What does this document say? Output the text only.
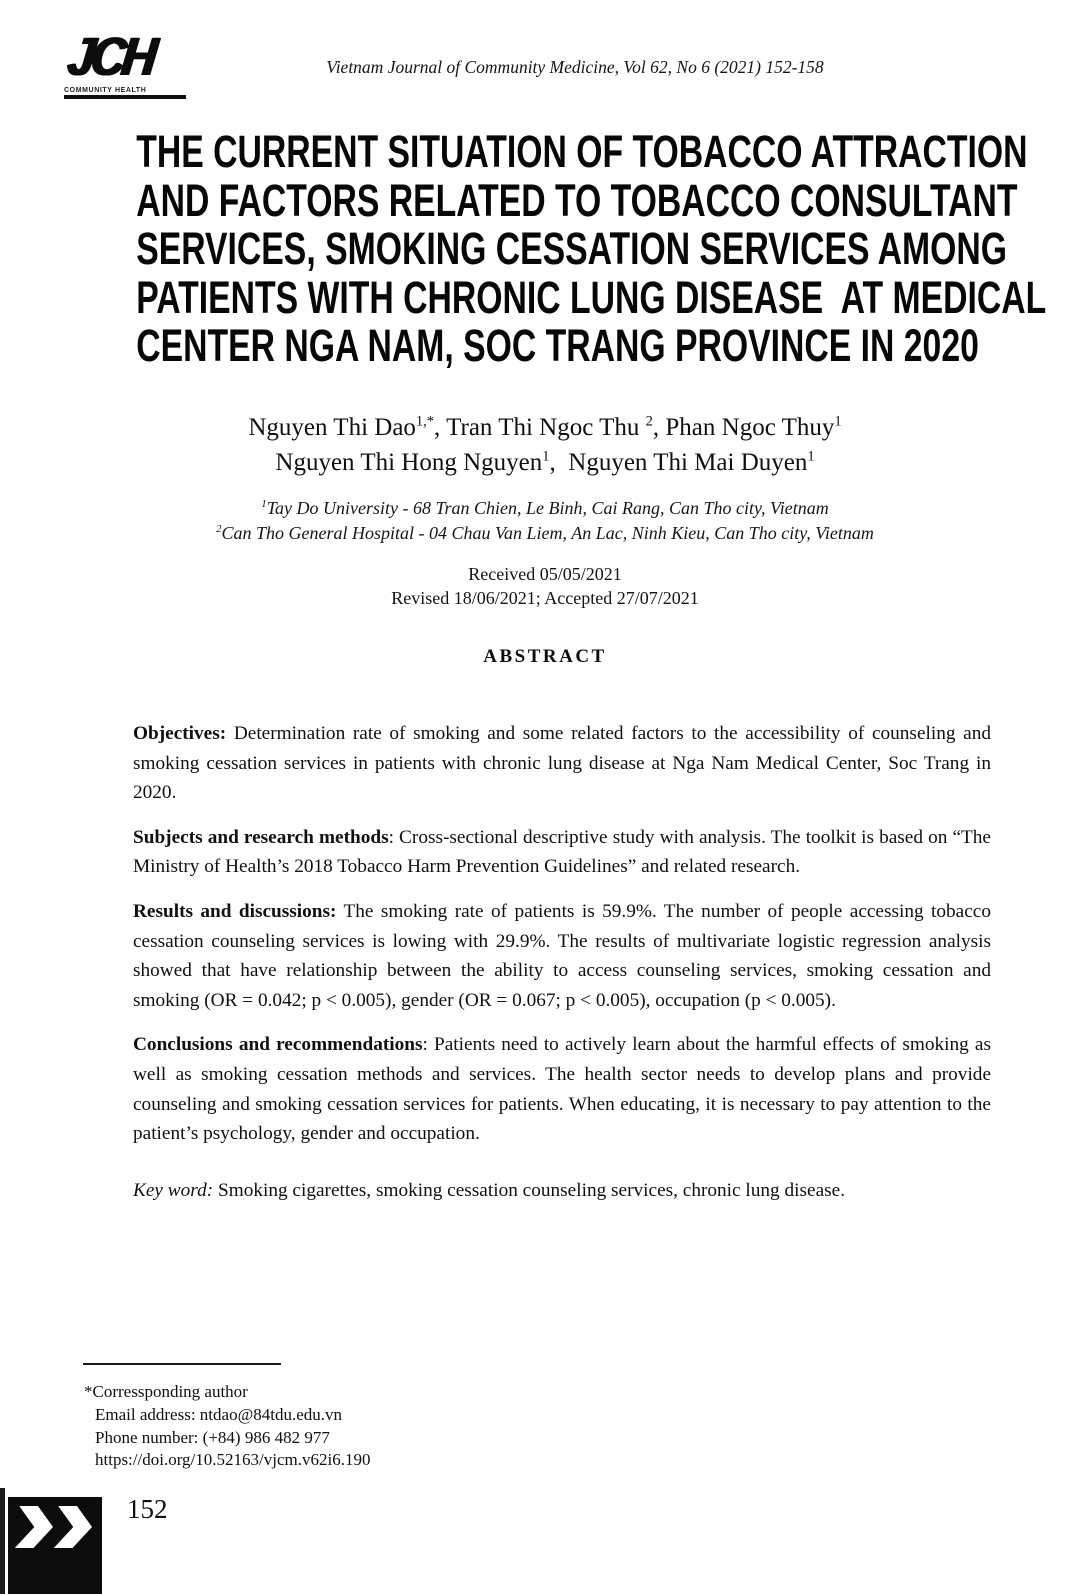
JCH
COMMUNITY HEALTH
Vietnam Journal of Community Medicine, Vol 62, No 6 (2021) 152-158
THE CURRENT SITUATION OF TOBACCO ATTRACTION
AND FACTORS RELATED TO TOBACCO CONSULTANT
SERVICES, SMOKING CESSATION SERVICES AMONG
PATIENTS WITH CHRONIC LUNG DISEASE  AT MEDICAL
CENTER NGA NAM, SOC TRANG PROVINCE IN 2020
Nguyen Thi Dao$^{1,*}$, Tran Thi Ngoc Thu $^2$, Phan Ngoc Thuy$^1$
Nguyen Thi Hong Nguyen$^1$,  Nguyen Thi Mai Duyen$^1$
$^1$Tay Do University - 68 Tran Chien, Le Binh, Cai Rang, Can Tho city, Vietnam
$^2$Can Tho General Hospital - 04 Chau Van Liem, An Lac, Ninh Kieu, Can Tho city, Vietnam
Received 05/05/2021
Revised 18/06/2021; Accepted 27/07/2021
ABSTRACT

Objectives: Determination rate of smoking and some related factors to the accessibility of counseling and smoking cessation services in patients with chronic lung disease at Nga Nam Medical Center, Soc Trang in 2020.

Subjects and research methods: Cross-sectional descriptive study with analysis. The toolkit is based on “The Ministry of Health’s 2018 Tobacco Harm Prevention Guidelines” and related research.

Results and discussions: The smoking rate of patients is 59.9%. The number of people accessing tobacco cessation counseling services is lowing with 29.9%. The results of multivariate logistic regression analysis showed that have relationship between the ability to access counseling services, smoking cessation and smoking (OR = 0.042; p < 0.005), gender (OR = 0.067; p < 0.005), occupation (p < 0.005).

Conclusions and recommendations: Patients need to actively learn about the harmful effects of smoking as well as smoking cessation methods and services. The health sector needs to develop plans and provide counseling and smoking cessation services for patients. When educating, it is necessary to pay attention to the patient’s psychology, gender and occupation.

Key word: Smoking cigarettes, smoking cessation counseling services, chronic lung disease.
*Corressponding author
Email address: ntdao@84tdu.edu.vn
Phone number: (+84) 986 482 977
https://doi.org/10.52163/vjcm.v62i6.190
152
